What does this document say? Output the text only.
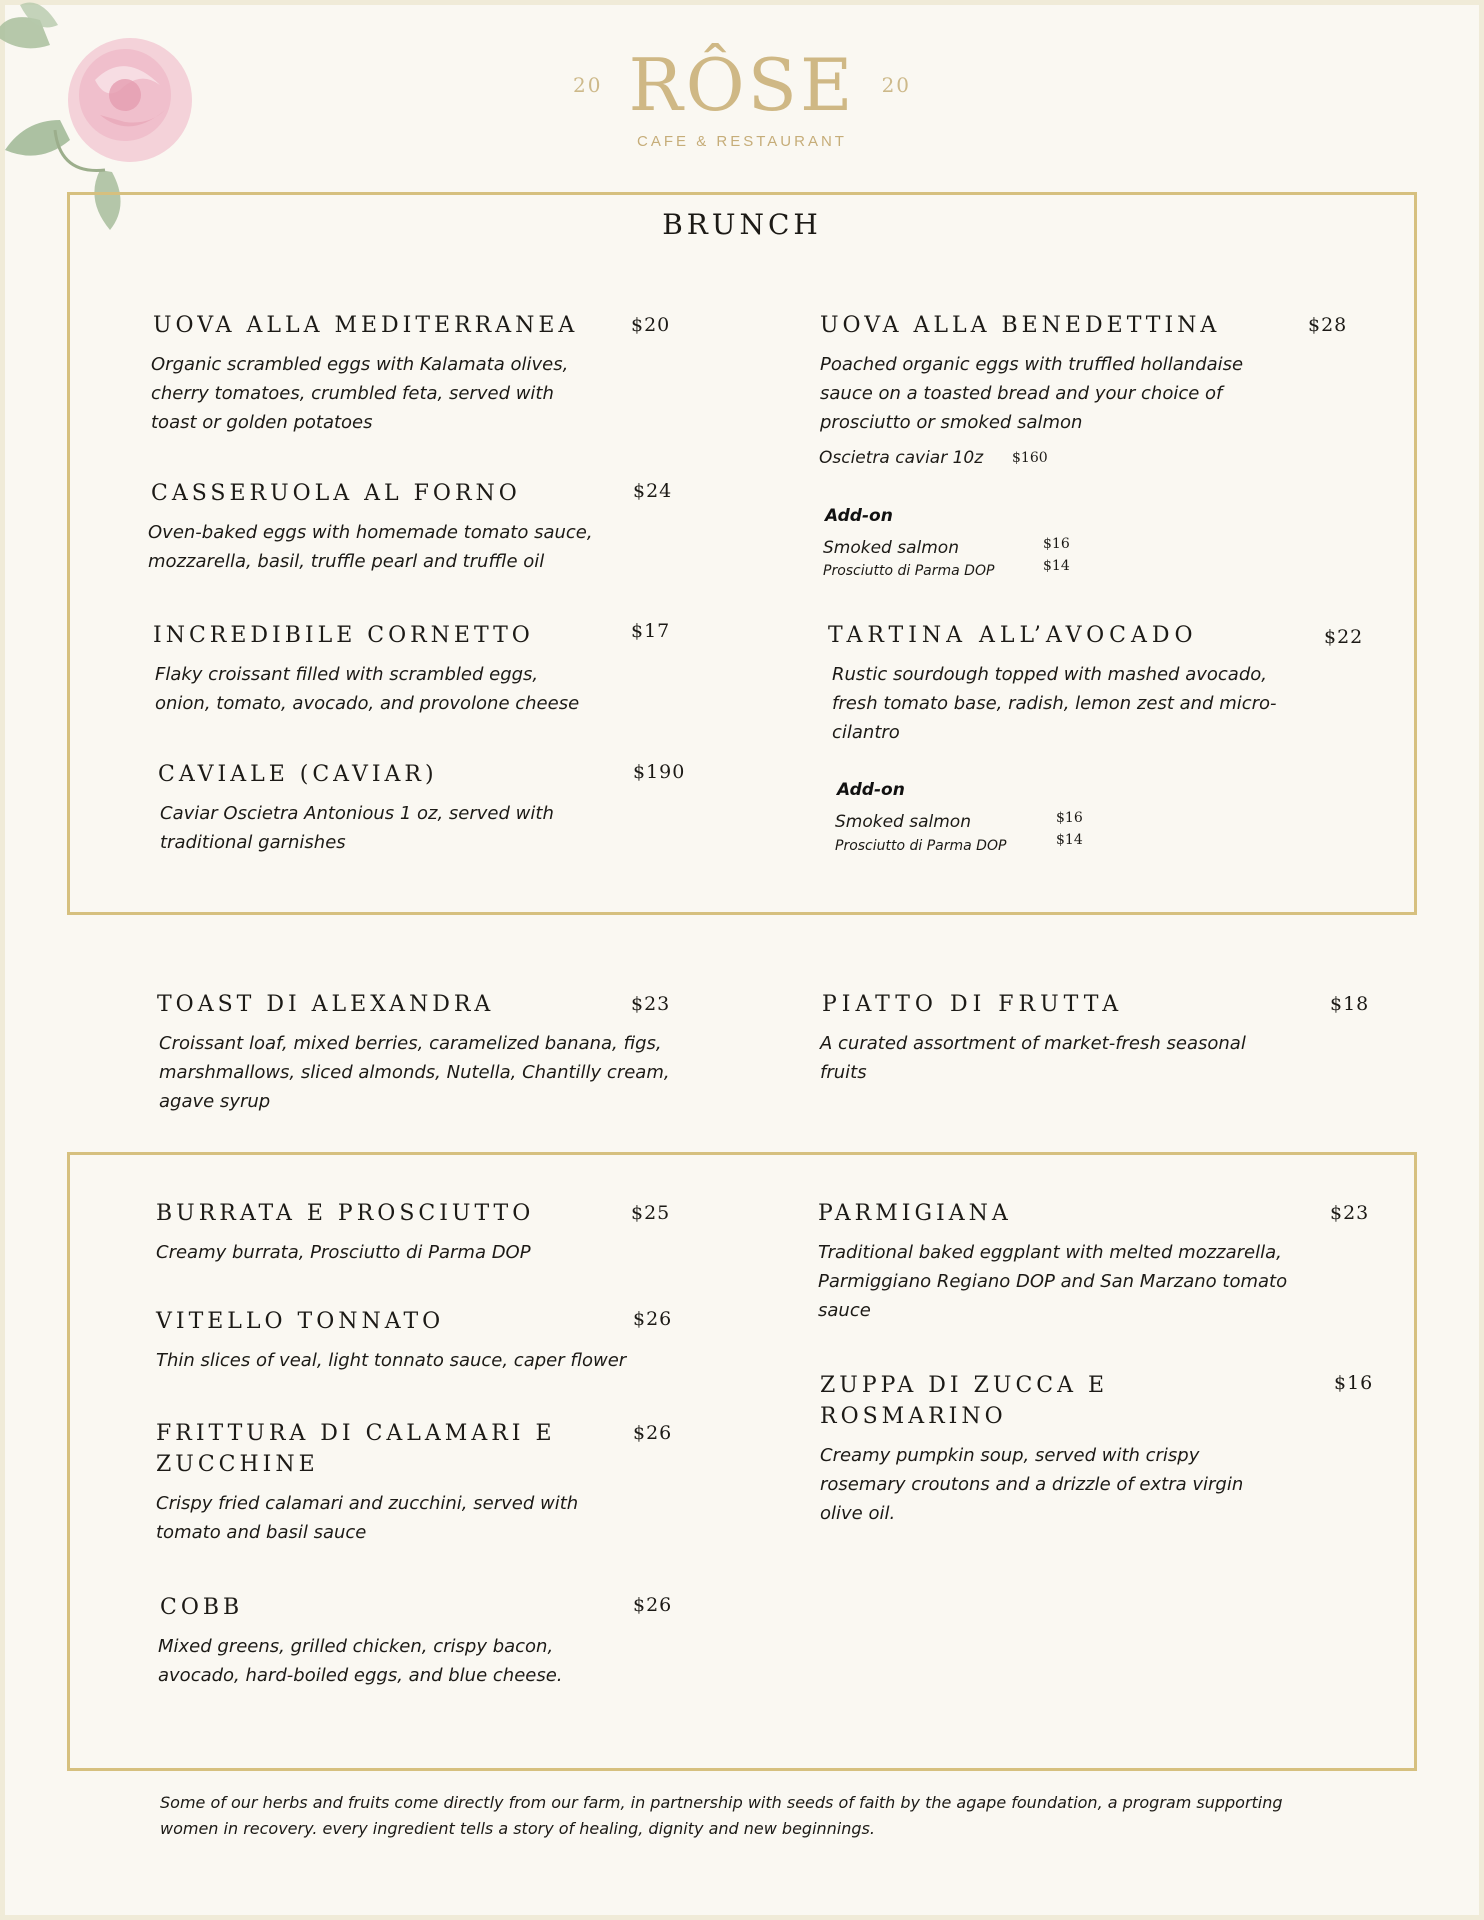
20 RÔSE 20
CAFE & RESTAURANT
BRUNCH
UOVA ALLA MEDITERRANEA	$20
Organic scrambled eggs with Kalamata olives,
cherry tomatoes, crumbled feta, served with
toast or golden potatoes
CASSERUOLA AL FORNO	$24
Oven-baked eggs with homemade tomato sauce,
mozzarella, basil, truffle pearl and truffle oil
INCREDIBILE CORNETTO	$17
Flaky croissant filled with scrambled eggs,
onion, tomato, avocado, and provolone cheese
CAVIALE (CAVIAR)	$190
Caviar Oscietra Antonious 1 oz, served with
traditional garnishes
UOVA ALLA BENEDETTINA	$28
Poached organic eggs with truffled hollandaise
sauce on a toasted bread and your choice of
prosciutto or smoked salmon
Oscietra caviar 10z $160
Add-on
Smoked salmon	$16
Prosciutto di Parma DOP	$14
TARTINA ALL’AVOCADO	$22
Rustic sourdough topped with mashed avocado,
fresh tomato base, radish, lemon zest and micro-
cilantro
Add-on
Smoked salmon	$16
Prosciutto di Parma DOP	$14
TOAST DI ALEXANDRA	$23
Croissant loaf, mixed berries, caramelized banana, figs,
marshmallows, sliced almonds, Nutella, Chantilly cream,
agave syrup
PIATTO DI FRUTTA	$18
A curated assortment of market-fresh seasonal
fruits
BURRATA E PROSCIUTTO	$25
Creamy burrata, Prosciutto di Parma DOP
VITELLO TONNATO	$26
Thin slices of veal, light tonnato sauce, caper flower
FRITTURA DI CALAMARI E
ZUCCHINE
$26
Crispy fried calamari and zucchini, served with
tomato and basil sauce
COBB	$26
Mixed greens, grilled chicken, crispy bacon,
avocado, hard-boiled eggs, and blue cheese.
PARMIGIANA	$23
Traditional baked eggplant with melted mozzarella,
Parmiggiano Regiano DOP and San Marzano tomato
sauce
ZUPPA DI ZUCCA E
ROSMARINO
$16
Creamy pumpkin soup, served with crispy
rosemary croutons and a drizzle of extra virgin
olive oil.
Some of our herbs and fruits come directly from our farm, in partnership with seeds of faith by the agape foundation, a program supporting
women in recovery. every ingredient tells a story of healing, dignity and new beginnings.
